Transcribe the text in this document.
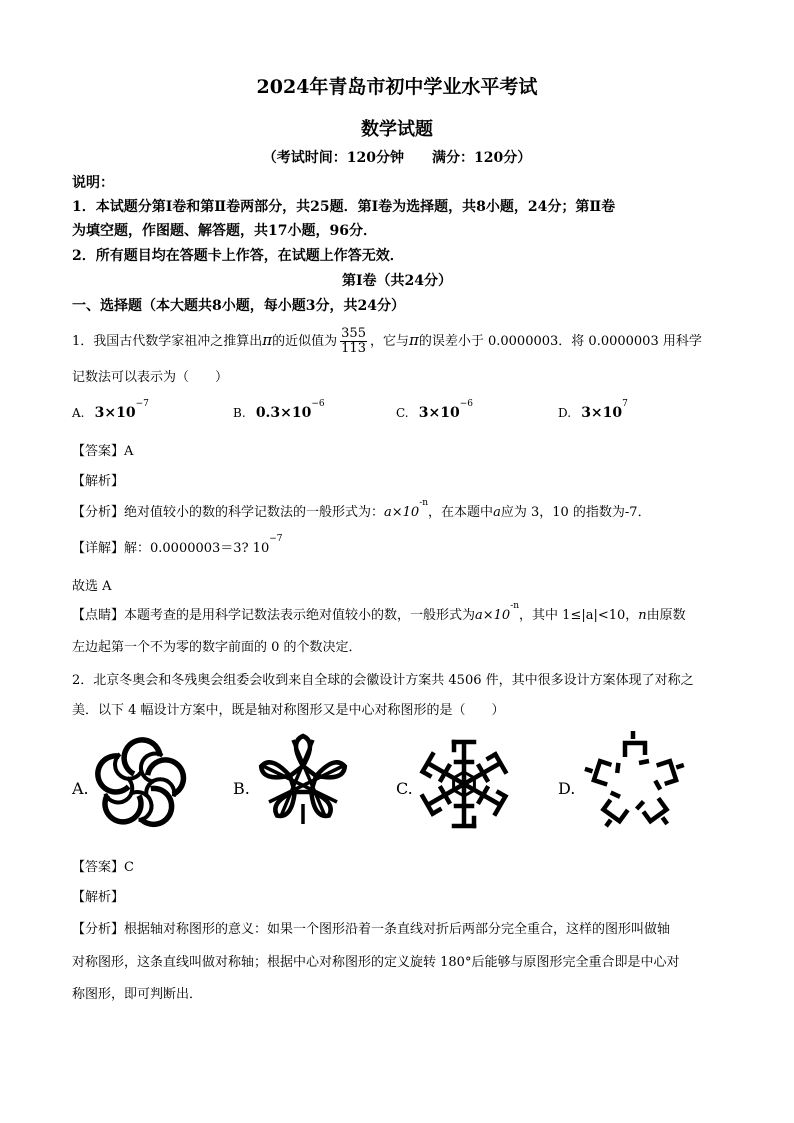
2024年青岛市初中学业水平考试
数学试题
（考试时间：120分钟　　满分：120分）
说明：
1．本试题分第Ⅰ卷和第Ⅱ卷两部分，共25题．第Ⅰ卷为选择题，共8小题，24分；第Ⅱ卷
为填空题，作图题、解答题，共17小题，96分．
2．所有题目均在答题卡上作答，在试题上作答无效．
第Ⅰ卷（共24分）
一、选择题（本大题共8小题，每小题3分，共24分）
1．我国古代数学家祖冲之推算出π的近似值为 $\frac{355}{113}$ ，它与π的误差小于 0.0000003．将 0.0000003 用科学
记数法可以表示为（　　）
A. $3\times 10^{-7}$
B. $0.3\times 10^{-6}$
C. $3\times 10^{-6}$
D. $3\times 10^7$
【答案】A
【解析】
【分析】绝对值较小的数的科学记数法的一般形式为：$a\times 10^{-n}$，在本题中a应为 3，10 的指数为-7．
【详解】解：0.0000003＝3? $10^{-7}$
故选 A
【点睛】本题考查的是用科学记数法表示绝对值较小的数，一般形式为$a\times 10^{-n}$，其中 1≤|a|<10，n由原数
左边起第一个不为零的数字前面的 0 的个数决定．
2．北京冬奥会和冬残奥会组委会收到来自全球的会徽设计方案共 4506 件，其中很多设计方案体现了对称之
美．以下 4 幅设计方案中，既是轴对称图形又是中心对称图形的是（　　）
A.	B.	C.	D.
【答案】C
【解析】
【分析】根据轴对称图形的意义：如果一个图形沿着一条直线对折后两部分完全重合，这样的图形叫做轴
对称图形，这条直线叫做对称轴；根据中心对称图形的定义旋转 180°后能够与原图形完全重合即是中心对
称图形，即可判断出．
